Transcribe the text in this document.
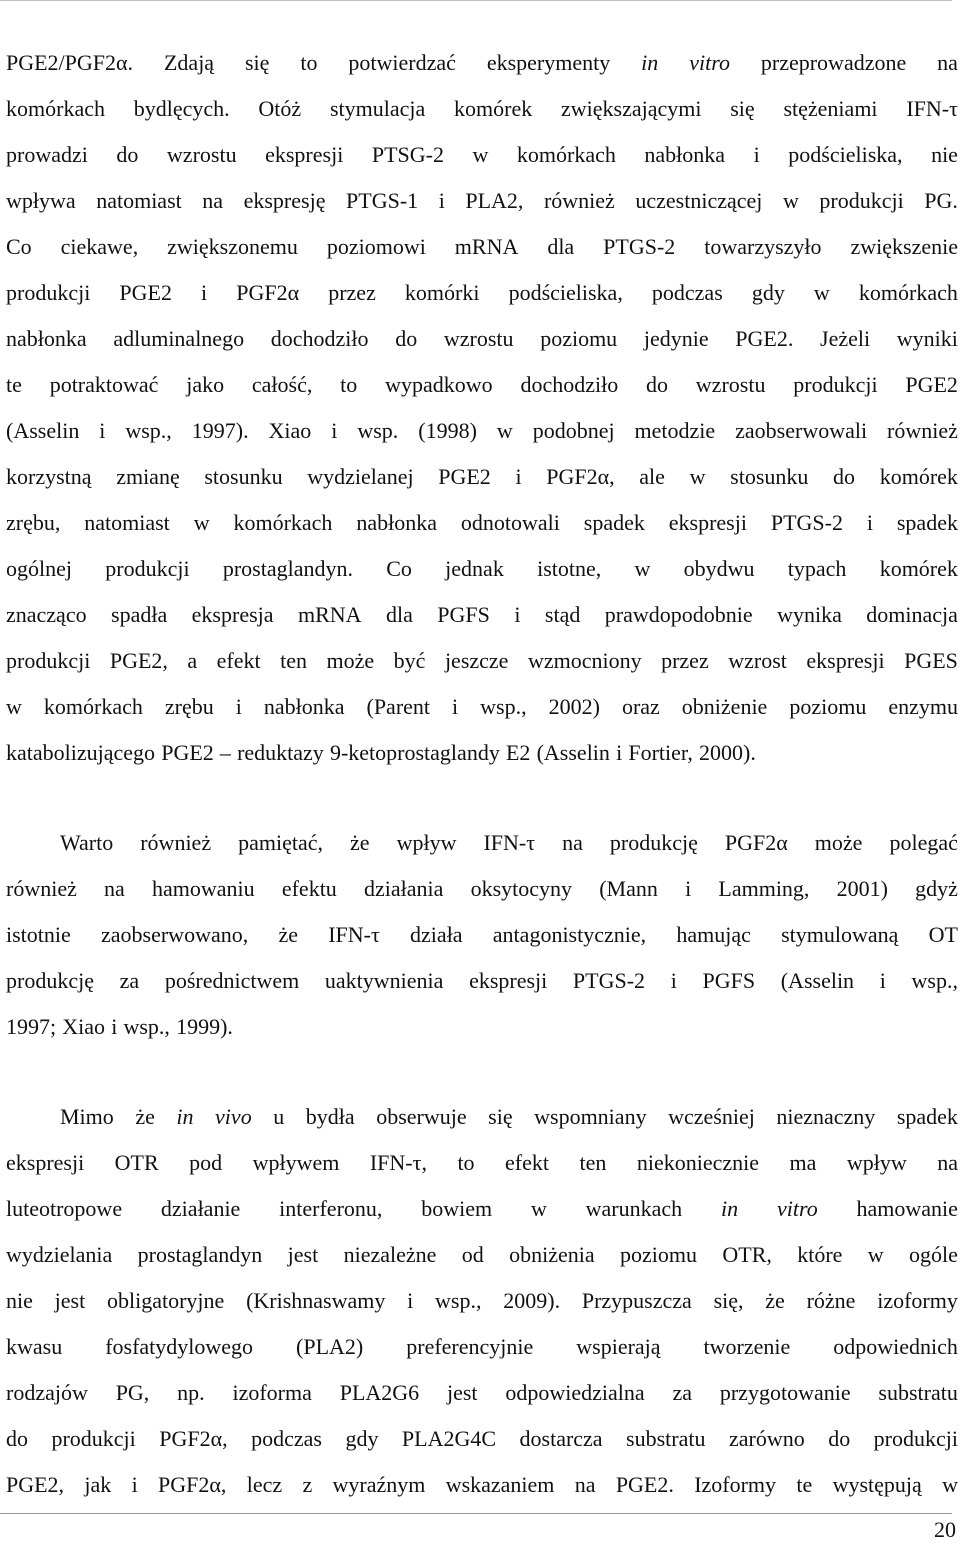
PGE2/PGF2α. Zdają się to potwierdzać eksperymenty in vitro przeprowadzone na
komórkach bydlęcych. Otóż stymulacja komórek zwiększającymi się stężeniami IFN-τ
prowadzi do wzrostu ekspresji PTSG-2 w komórkach nabłonka i podścieliska, nie
wpływa natomiast na ekspresję PTGS-1 i PLA2, również uczestniczącej w produkcji PG.
Co ciekawe, zwiększonemu poziomowi mRNA dla PTGS-2 towarzyszyło zwiększenie
produkcji PGE2 i PGF2α przez komórki podścieliska, podczas gdy w komórkach
nabłonka adluminalnego dochodziło do wzrostu poziomu jedynie PGE2. Jeżeli wyniki
te potraktować jako całość, to wypadkowo dochodziło do wzrostu produkcji PGE2
(Asselin i wsp., 1997). Xiao i wsp. (1998) w podobnej metodzie zaobserwowali również
korzystną zmianę stosunku wydzielanej PGE2 i PGF2α, ale w stosunku do komórek
zrębu, natomiast w komórkach nabłonka odnotowali spadek ekspresji PTGS-2 i spadek
ogólnej produkcji prostaglandyn. Co jednak istotne, w obydwu typach komórek
znacząco spadła ekspresja mRNA dla PGFS i stąd prawdopodobnie wynika dominacja
produkcji PGE2, a efekt ten może być jeszcze wzmocniony przez wzrost ekspresji PGES
w komórkach zrębu i nabłonka (Parent i wsp., 2002) oraz obniżenie poziomu enzymu
katabolizującego PGE2 – reduktazy 9-ketoprostaglandy E2 (Asselin i Fortier, 2000).
Warto również pamiętać, że wpływ IFN-τ na produkcję PGF2α może polegać
również na hamowaniu efektu działania oksytocyny (Mann i Lamming, 2001) gdyż
istotnie zaobserwowano, że IFN-τ działa antagonistycznie, hamując stymulowaną OT
produkcję za pośrednictwem uaktywnienia ekspresji PTGS-2 i PGFS (Asselin i wsp.,
1997; Xiao i wsp., 1999).
Mimo że in vivo u bydła obserwuje się wspomniany wcześniej nieznaczny spadek
ekspresji OTR pod wpływem IFN-τ, to efekt ten niekoniecznie ma wpływ na
luteotropowe działanie interferonu, bowiem w warunkach in vitro hamowanie
wydzielania prostaglandyn jest niezależne od obniżenia poziomu OTR, które w ogóle
nie jest obligatoryjne (Krishnaswamy i wsp., 2009). Przypuszcza się, że różne izoformy
kwasu fosfatydylowego (PLA2) preferencyjnie wspierają tworzenie odpowiednich
rodzajów PG, np. izoforma PLA2G6 jest odpowiedzialna za przygotowanie substratu
do produkcji PGF2α, podczas gdy PLA2G4C dostarcza substratu zarówno do produkcji
PGE2, jak i PGF2α, lecz z wyraźnym wskazaniem na PGE2. Izoformy te występują w
20
